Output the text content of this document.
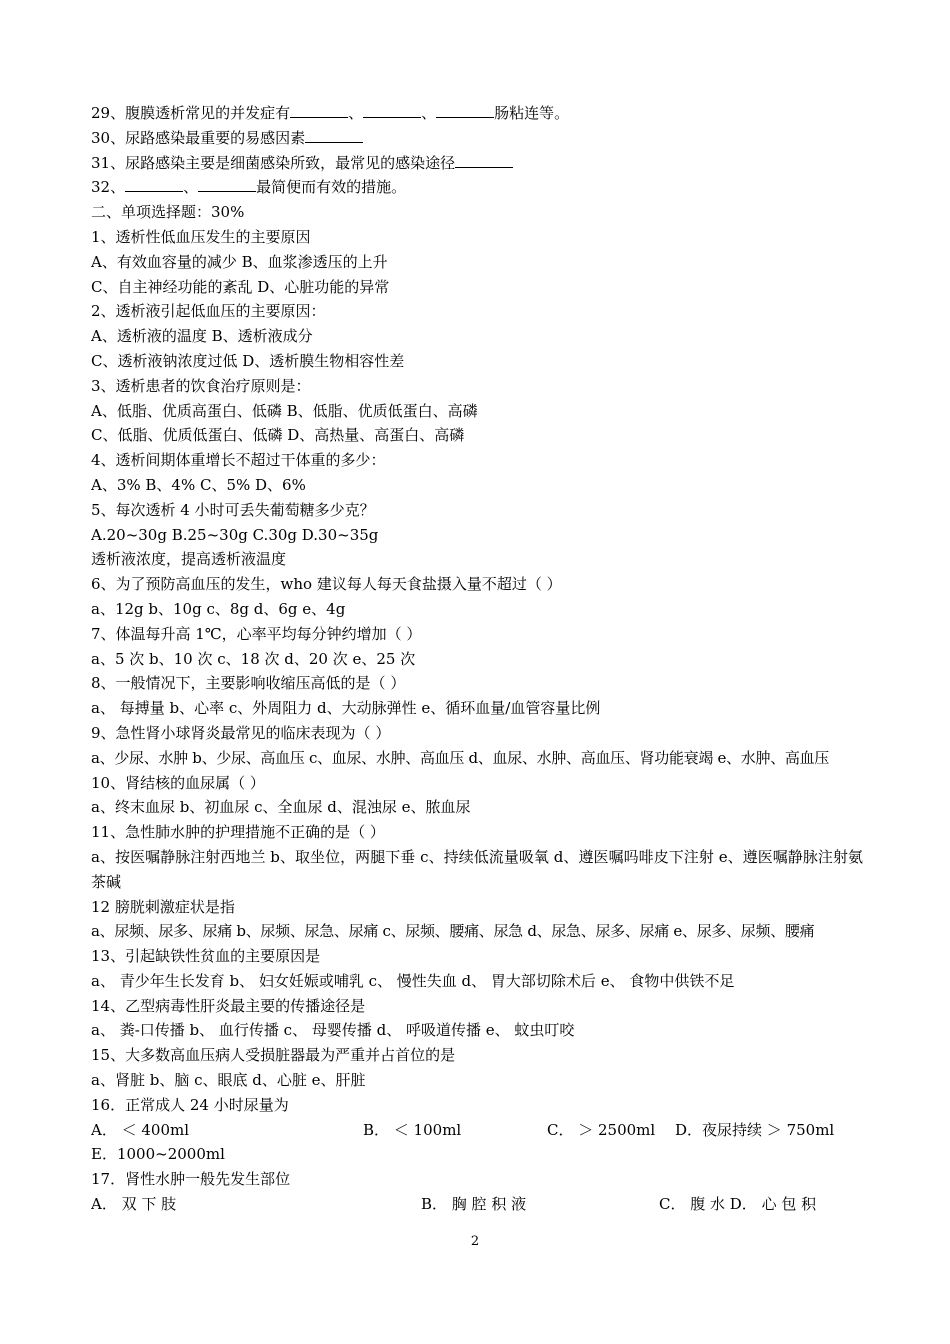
29、腹膜透析常见的并发症有	、	、	肠粘连等。
30、尿路感染最重要的易感因素
31、尿路感染主要是细菌感染所致，最常见的感染途径
32、	、	最简便而有效的措施。
二、单项选择题：30%
1、透析性低血压发生的主要原因
A、有效血容量的减少 B、血浆渗透压的上升
C、自主神经功能的紊乱 D、心脏功能的异常
2、透析液引起低血压的主要原因：
A、透析液的温度 B、透析液成分
C、透析液钠浓度过低 D、透析膜生物相容性差
3、透析患者的饮食治疗原则是：
A、低脂、优质高蛋白、低磷 B、低脂、优质低蛋白、高磷
C、低脂、优质低蛋白、低磷 D、高热量、高蛋白、高磷
4、透析间期体重增长不超过干体重的多少：
A、3% B、4% C、5% D、6%
5、每次透析 4 小时可丢失葡萄糖多少克？
A.20~30g B.25~30g C.30g D.30~35g
透析液浓度，提高透析液温度
6、为了预防高血压的发生，who 建议每人每天食盐摄入量不超过（ ）
a、12g b、10g c、8g d、6g e、4g
7、体温每升高 1℃，心率平均每分钟约增加（ ）
a、5 次 b、10 次 c、18 次 d、20 次 e、25 次
8、一般情况下，主要影响收缩压高低的是（ ）
a、 每搏量 b、心率 c、外周阻力 d、大动脉弹性 e、循环血量/血管容量比例
9、急性肾小球肾炎最常见的临床表现为（ ）
a、少尿、水肿 b、少尿、高血压 c、血尿、水肿、高血压 d、血尿、水肿、高血压、肾功能衰竭 e、水肿、高血压
10、肾结核的血尿属（ ）
a、终末血尿 b、初血尿 c、全血尿 d、混浊尿 e、脓血尿
11、急性肺水肿的护理措施不正确的是（ ）
a、按医嘱静脉注射西地兰 b、取坐位，两腿下垂 c、持续低流量吸氧 d、遵医嘱吗啡皮下注射 e、遵医嘱静脉注射氨茶碱
12 膀胱刺激症状是指
a、尿频、尿多、尿痛 b、尿频、尿急、尿痛 c、尿频、腰痛、尿急 d、尿急、尿多、尿痛 e、尿多、尿频、腰痛
13、引起缺铁性贫血的主要原因是
a、 青少年生长发育 b、 妇女妊娠或哺乳 c、 慢性失血 d、 胃大部切除术后 e、 食物中供铁不足
14、乙型病毒性肝炎最主要的传播途径是
a、 粪-口传播 b、 血行传播 c、 母婴传播 d、 呼吸道传播 e、 蚊虫叮咬
15、大多数高血压病人受损脏器最为严重并占首位的是
a、肾脏 b、脑 c、眼底 d、心脏 e、肝脏
16．正常成人 24 小时尿量为
A． ＜ 400ml	B． ＜ 100ml	C． ＞ 2500ml	D．夜尿持续 ＞ 750ml
E．1000~2000ml
17．肾性水肿一般先发生部位
A． 双 下 肢	B． 胸 腔 积 液	C． 腹 水 D． 心 包 积
2
